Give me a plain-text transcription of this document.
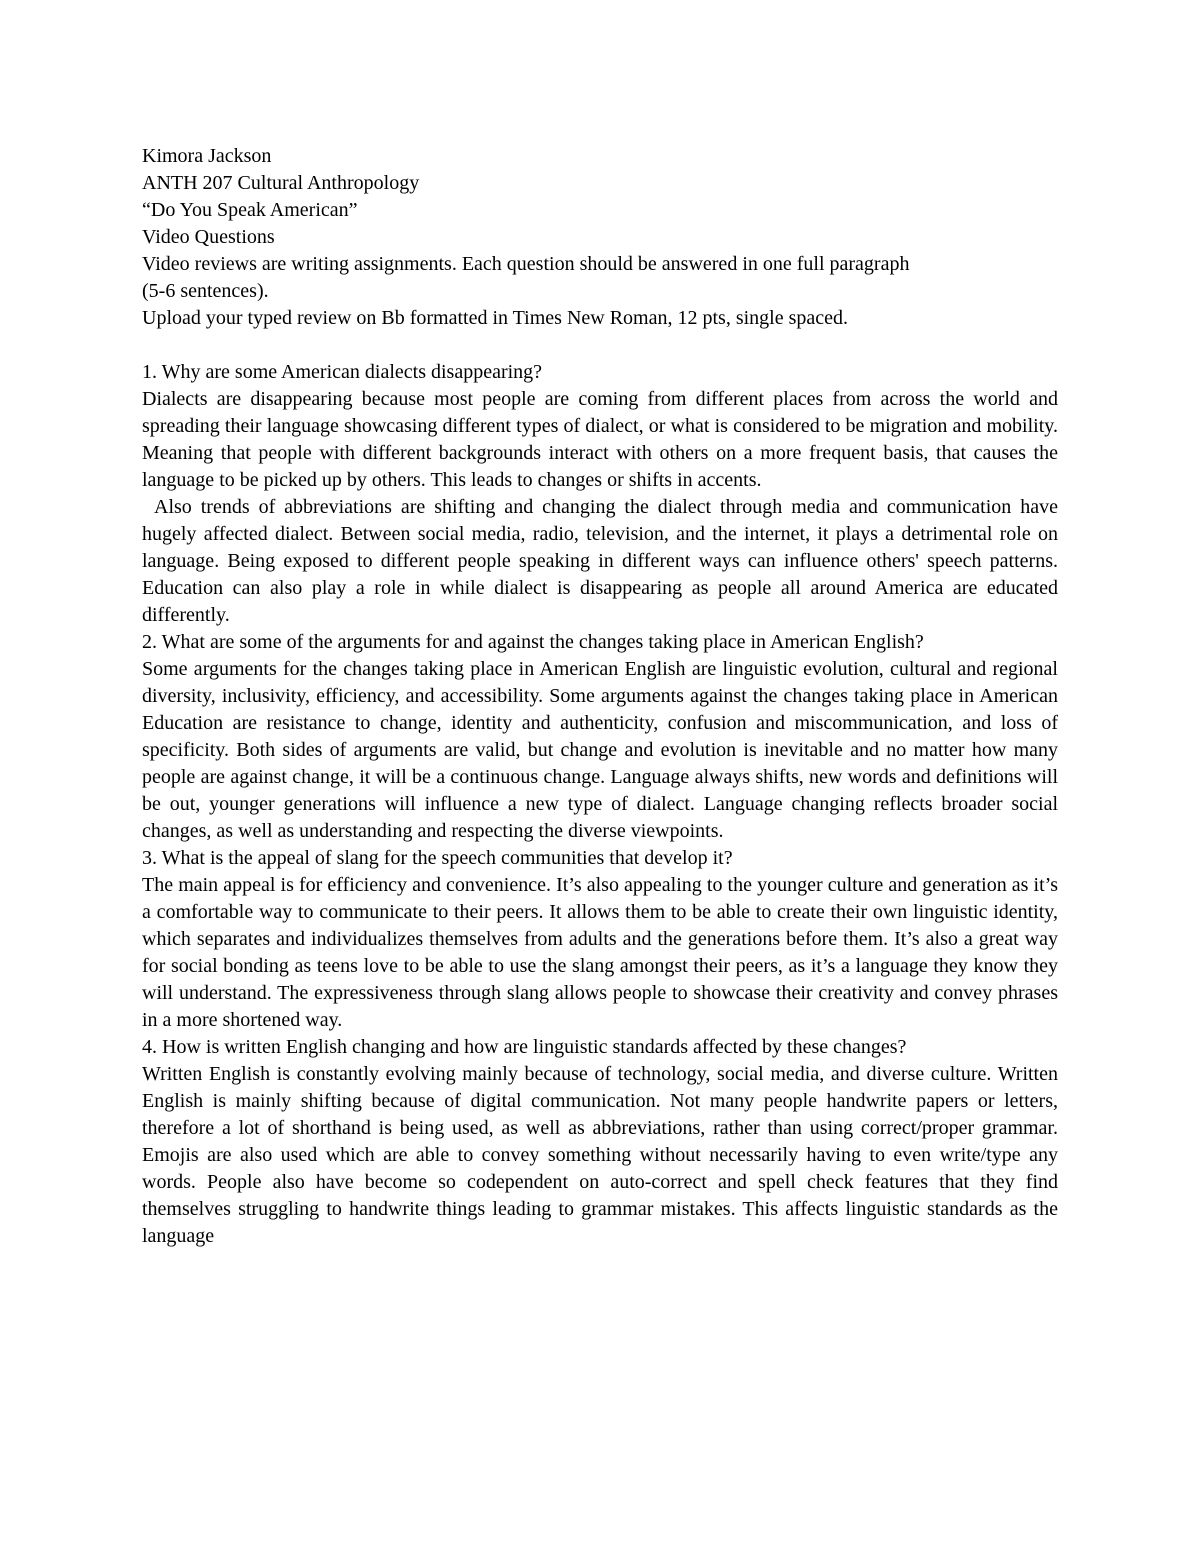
Kimora Jackson
ANTH 207 Cultural Anthropology
“Do You Speak American”
Video Questions
Video reviews are writing assignments. Each question should be answered in one full paragraph
(5-6 sentences).
Upload your typed review on Bb formatted in Times New Roman, 12 pts, single spaced.
1. Why are some American dialects disappearing?

Dialects are disappearing because most people are coming from different places from across the world and spreading their language showcasing different types of dialect, or what is considered to be migration and mobility. Meaning that people with different backgrounds interact with others on a more frequent basis, that causes the language to be picked up by others. This leads to changes or shifts in accents.

Also trends of abbreviations are shifting and changing the dialect through media and communication have hugely affected dialect. Between social media, radio, television, and the internet, it plays a detrimental role on language. Being exposed to different people speaking in different ways can influence others' speech patterns. Education can also play a role in while dialect is disappearing as people all around America are educated differently.

2. What are some of the arguments for and against the changes taking place in American English?

Some arguments for the changes taking place in American English are linguistic evolution, cultural and regional diversity, inclusivity, efficiency, and accessibility. Some arguments against the changes taking place in American Education are resistance to change, identity and authenticity, confusion and miscommunication, and loss of specificity. Both sides of arguments are valid, but change and evolution is inevitable and no matter how many people are against change, it will be a continuous change. Language always shifts, new words and definitions will be out, younger generations will influence a new type of dialect. Language changing reflects broader social changes, as well as understanding and respecting the diverse viewpoints.

3. What is the appeal of slang for the speech communities that develop it?

The main appeal is for efficiency and convenience. It’s also appealing to the younger culture and generation as it’s a comfortable way to communicate to their peers. It allows them to be able to create their own linguistic identity, which separates and individualizes themselves from adults and the generations before them. It’s also a great way for social bonding as teens love to be able to use the slang amongst their peers, as it’s a language they know they will understand. The expressiveness through slang allows people to showcase their creativity and convey phrases in a more shortened way.

4. How is written English changing and how are linguistic standards affected by these changes?

Written English is constantly evolving mainly because of technology, social media, and diverse culture. Written English is mainly shifting because of digital communication. Not many people handwrite papers or letters, therefore a lot of shorthand is being used, as well as abbreviations, rather than using correct/proper grammar. Emojis are also used which are able to convey something without necessarily having to even write/type any words. People also have become so codependent on auto-correct and spell check features that they find themselves struggling to handwrite things leading to grammar mistakes. This affects linguistic standards as the language
